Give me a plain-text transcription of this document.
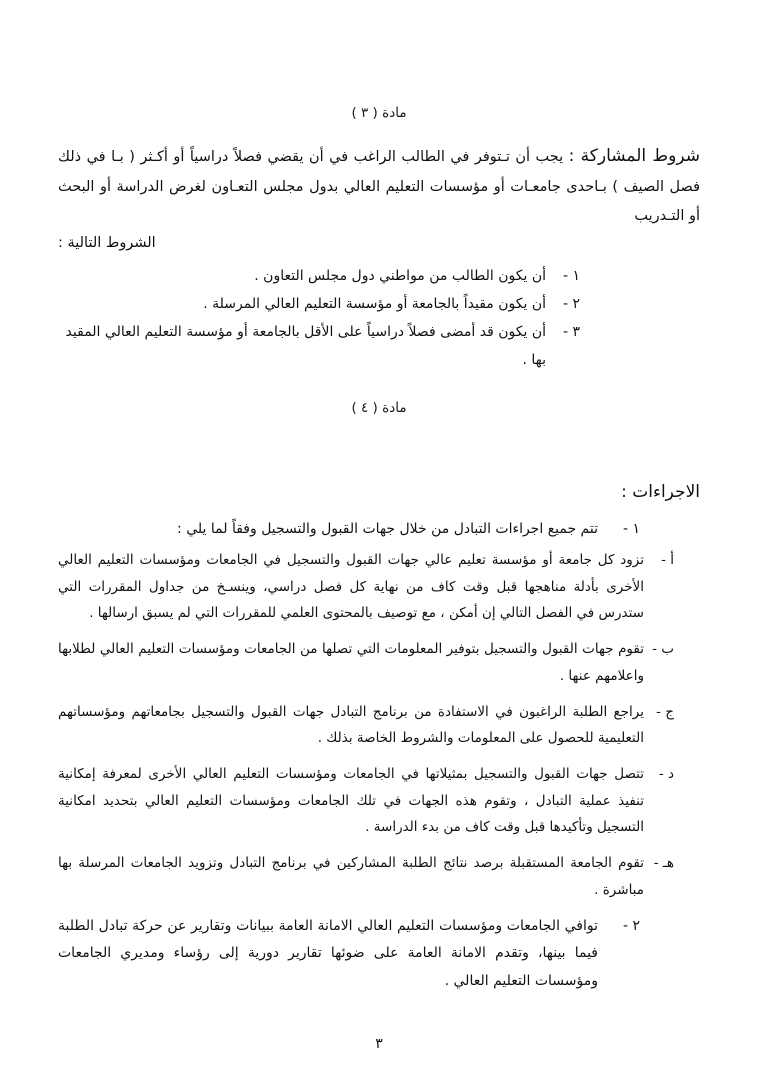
مادة ( ٣ )

شروط المشاركة : يجب أن تـتوفر في الطالب الراغب في أن يقضي فصلاً دراسياً أو أكـثر ( بـا في ذلك فصل الصيف ) بـاحدى جامعـات أو مؤسسات التعليم العالي بدول مجلس التعـاون لغرض الدراسة أو البحث أو التـدريب
الشروط التالية :

١ -
أن يكون الطالب من مواطني دول مجلس التعاون .
٢ -
أن يكون مقيداً بالجامعة أو مؤسسة التعليم العالي المرسلة .
٣ -
أن يكون قد أمضى فصلاً دراسياً على الأقل بالجامعة أو مؤسسة التعليم العالي المقيد بها .
مادة ( ٤ )
الاجراءات :
١ -
تتم جميع اجراءات التبادل من خلال جهات القبول والتسجيل وفقاً لما يلي :
أ -
تزود كل جامعة أو مؤسسة تعليم عالي جهات القبول والتسجيل في الجامعات ومؤسسات التعليم العالي الأخرى بأدلة مناهجها قبل وقت كاف من نهاية كل فصل دراسي، وينسـخ من جداول المقررات التي ستدرس في الفصل التالي إن أمكن ، مع توصيف بالمحتوى العلمي للمقررات التي لم يسبق ارسالها .
ب -
تقوم جهات القبول والتسجيل بتوفير المعلومات التي تصلها من الجامعات ومؤسسات التعليم العالي لطلابها واعلامهم عنها .
ج -
يراجع الطلبة الراغبون في الاستفادة من برنامج التبادل جهات القبول والتسجيل بجامعاتهم ومؤسساتهم التعليمية للحصول على المعلومات والشروط الخاصة بذلك .
د -
تتصل جهات القبول والتسجيل بمثيلاتها في الجامعات ومؤسسات التعليم العالي الأخرى لمعرفة إمكانية تنفيذ عملية التبادل ، وتقوم هذه الجهات في تلك الجامعات ومؤسسات التعليم العالي بتحديد امكانية التسجيل وتأكيدها قبل وقت كاف من بدء الدراسة .
هـ -
تقوم الجامعة المستقبلة برصد نتائج الطلبة المشاركين في برنامج التبادل وتزويد الجامعات المرسلة بها مباشرة .
٢ -
توافي الجامعات ومؤسسات التعليم العالي الامانة العامة ببيانات وتقارير عن حركة تبادل الطلبة فيما بينها، وتقدم الامانة العامة على ضوئها تقارير دورية إلى رؤساء ومديري الجامعات ومؤسسات التعليم العالي .
٣
